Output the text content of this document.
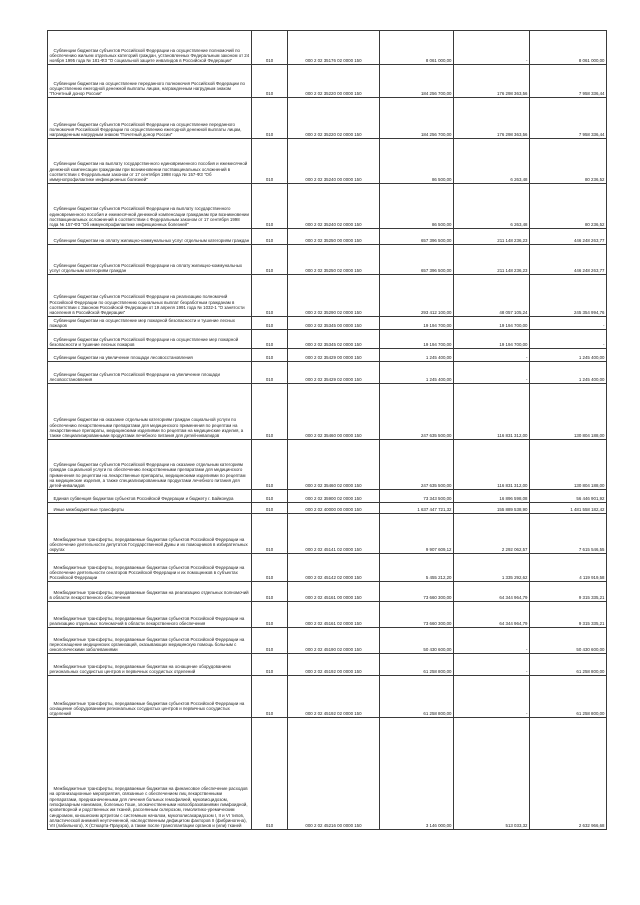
Субвенции бюджетам субъектов Российской Федерации на осуществление полномочий по обеспечению жильем отдельных категорий граждан, установленных Федеральным законом от 24 ноября 1995 года № 181-ФЗ "О социальной защите инвалидов в Российской Федерации"	010	000 2 02 35176 02 0000 150	8 061 000,00	-	8 061 000,00
Субвенции бюджетам на осуществление переданного полномочия Российской Федерации по осуществлению ежегодной денежной выплаты лицам, награжденным нагрудным знаком "Почетный донор России"	010	000 2 02 35220 00 0000 150	184 256 700,00	176 298 363,56	7 958 336,44
Субвенции бюджетам субъектов Российской Федерации на осуществление переданного полномочия Российской Федерации по осуществлению ежегодной денежной выплаты лицам, награжденным нагрудным знаком "Почетный донор России"	010	000 2 02 35220 02 0000 150	184 256 700,00	176 298 363,56	7 958 336,44
Субвенции бюджетам на выплату государственного единовременного пособия и ежемесячной денежной компенсации гражданам при возникновении поствакцинальных осложнений в соответствии с Федеральным законом от 17 сентября 1998 года № 157-ФЗ "Об иммунопрофилактике инфекционных болезней"	010	000 2 02 35240 00 0000 150	86 500,00	6 263,48	80 236,52
Субвенции бюджетам субъектов Российской Федерации на выплату государственного единовременного пособия и ежемесячной денежной компенсации гражданам при возникновении поствакцинальных осложнений в соответствии с Федеральным законом от 17 сентября 1998 года № 157-ФЗ "Об иммунопрофилактике инфекционных болезней"	010	000 2 02 35240 02 0000 150	86 500,00	6 263,48	80 236,52
Субвенции бюджетам на оплату жилищно-коммунальных услуг отдельным категориям граждан	010	000 2 02 35250 00 0000 150	657 396 500,00	211 148 236,23	446 248 263,77
Субвенции бюджетам субъектов Российской Федерации на оплату жилищно-коммунальных услуг отдельным категориям граждан	010	000 2 02 35250 02 0000 150	657 396 500,00	211 148 236,23	446 248 263,77
Субвенции бюджетам субъектов Российской Федерации на реализацию полномочий Российской Федерации по осуществлению социальных выплат безработным гражданам в соответствии с Законом Российской Федерации от 19 апреля 1991 года № 1032-1 "О занятости населения в Российской Федерации"	010	000 2 02 35290 02 0000 150	293 412 100,00	48 057 105,24	245 354 994,76
Субвенции бюджетам на осуществление мер пожарной безопасности и тушение лесных пожаров	010	000 2 02 35345 00 0000 150	19 194 700,00	19 194 700,00	-
Субвенции бюджетам субъектов Российской Федерации на осуществление мер пожарной безопасности и тушение лесных пожаров	010	000 2 02 35345 02 0000 150	19 194 700,00	19 194 700,00	-
Субвенции бюджетам на увеличение площади лесовосстановления	010	000 2 02 35429 00 0000 150	1 245 400,00	-	1 245 400,00
Субвенции бюджетам субъектов Российской Федерации на увеличение площади лесовосстановления	010	000 2 02 35429 02 0000 150	1 245 400,00	-	1 245 400,00
Субвенции бюджетам на оказание отдельным категориям граждан социальной услуги по обеспечению лекарственными препаратами для медицинского применения по рецептам на лекарственные препараты, медицинскими изделиями по рецептам на медицинские изделия, а также специализированными продуктами лечебного питания для детей-инвалидов	010	000 2 02 35460 00 0000 150	247 635 500,00	116 831 312,00	130 804 188,00
Субвенции бюджетам субъектов Российской Федерации на оказание отдельным категориям граждан социальной услуги по обеспечению лекарственными препаратами для медицинского применения по рецептам на лекарственные препараты, медицинскими изделиями по рецептам на медицинские изделия, а также специализированными продуктами лечебного питания для детей-инвалидов	010	000 2 02 35460 02 0000 150	247 635 500,00	116 831 312,00	130 804 188,00
Единая субвенция бюджетам субъектов Российской Федерации и бюджету г. Байконура	010	000 2 02 35900 02 0000 150	73 343 500,00	16 896 598,08	56 446 901,92
Иные межбюджетные трансферты	010	000 2 02 40000 00 0000 150	1 637 447 721,32	155 889 538,90	1 481 558 182,42
Межбюджетные трансферты, передаваемые бюджетам субъектов Российской Федерации на обеспечение деятельности депутатов Государственной Думы и их помощников в избирательных округах	010	000 2 02 45141 02 0000 150	9 907 609,12	2 292 062,57	7 615 546,55
Межбюджетные трансферты, передаваемые бюджетам субъектов Российской Федерации на обеспечение деятельности сенаторов Российской Федерации и их помощников в субъектах Российской Федерации	010	000 2 02 45142 02 0000 150	5 455 212,20	1 335 292,62	4 119 919,58
Межбюджетные трансферты, передаваемые бюджетам на реализацию отдельных полномочий в области лекарственного обеспечения	010	000 2 02 45161 00 0000 150	73 660 300,00	64 344 964,79	9 315 335,21
Межбюджетные трансферты, передаваемые бюджетам субъектов Российской Федерации на реализацию отдельных полномочий в области лекарственного обеспечения	010	000 2 02 45161 02 0000 150	73 660 300,00	64 344 964,79	9 315 335,21
Межбюджетные трансферты, передаваемые бюджетам субъектов Российской Федерации на переоснащение медицинских организаций, оказывающих медицинскую помощь больным с онкологическими заболеваниями	010	000 2 02 45190 02 0000 150	50 430 600,00	-	50 430 600,00
Межбюджетные трансферты, передаваемые бюджетам на оснащение оборудованием региональных сосудистых центров и первичных сосудистых отделений	010	000 2 02 45192 00 0000 150	61 258 800,00	-	61 258 800,00
Межбюджетные трансферты, передаваемые бюджетам субъектов Российской Федерации на оснащение оборудованием региональных сосудистых центров и первичных сосудистых отделений	010	000 2 02 45192 02 0000 150	61 258 800,00	-	61 258 800,00
Межбюджетные трансферты, передаваемые бюджетам на финансовое обеспечение расходов на организационные мероприятия, связанные с обеспечением лиц лекарственными препаратами, предназначенными для лечения больных гемофилией, муковисцидозом, гипофизарным нанизмом, болезнью Гоше, злокачественными новообразованиями лимфоидной, кроветворной и родственных им тканей, рассеянным склерозом, гемолитико-уремическим синдромом, юношеским артритом с системным началом, мукополисахаридозом I, II и VI типов, апластической анемией неуточненной, наследственным дефицитом факторов II (фибриногена), VII (лабильного), X (Стюарта-Прауэра), а также после трансплантации органов и (или) тканей	010	000 2 02 45216 00 0000 150	3 146 000,00	513 033,32	2 632 966,68
